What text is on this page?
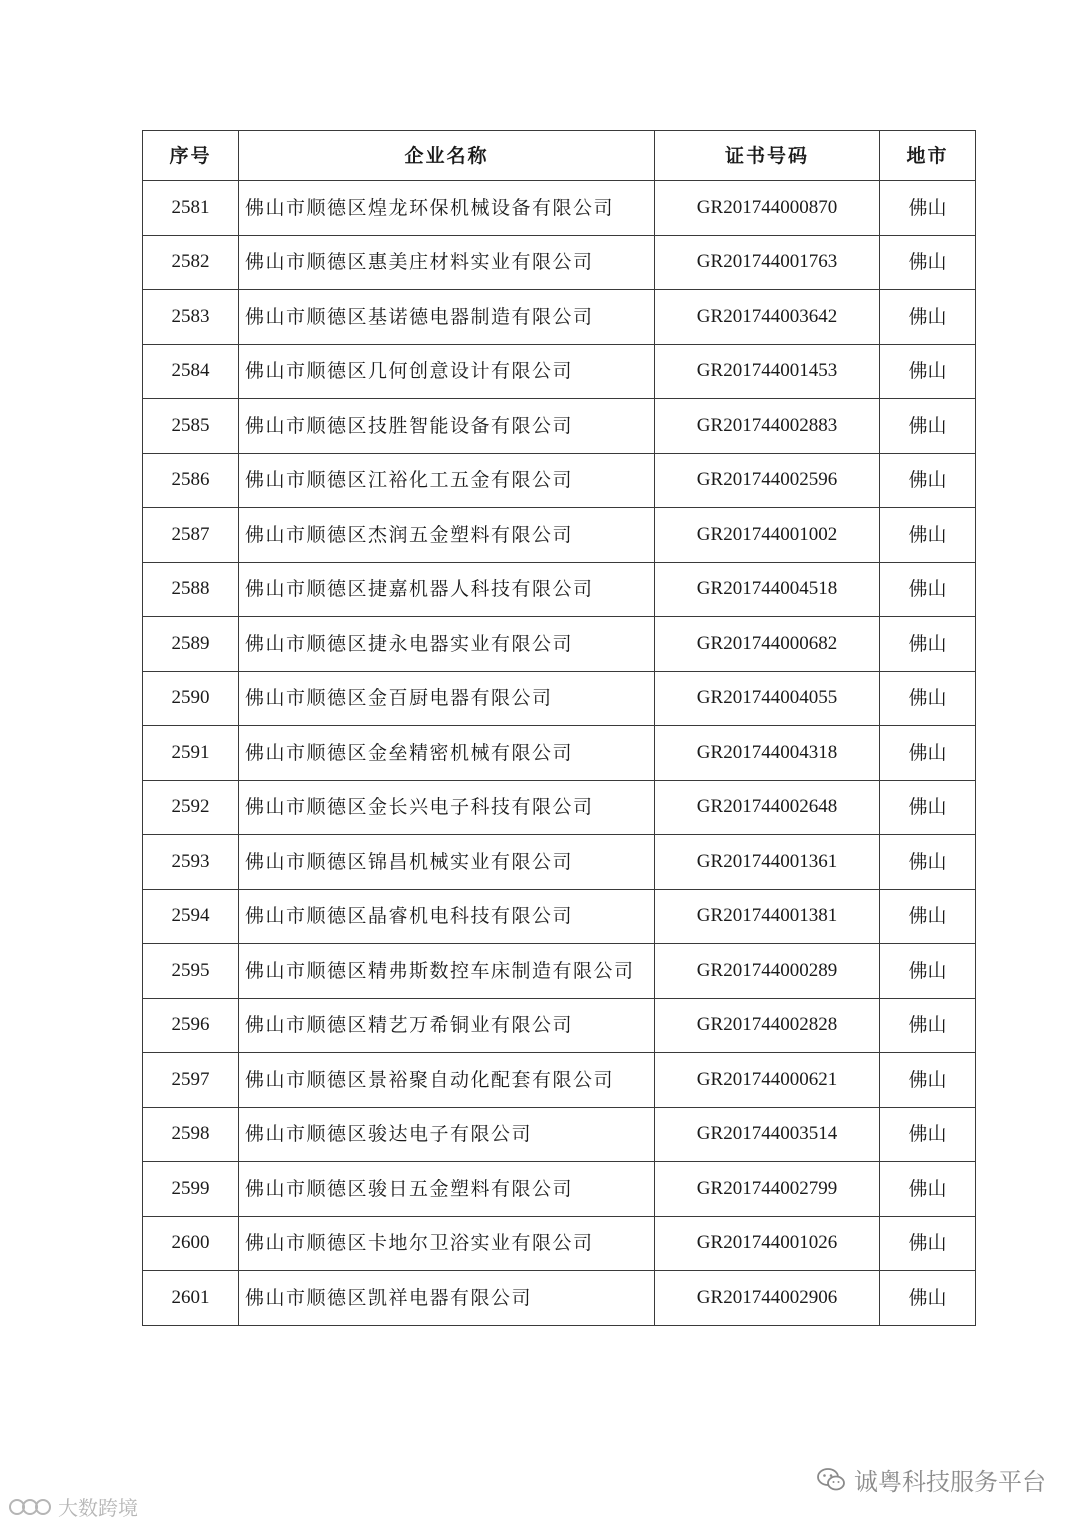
序号	企业名称	证书号码	地市
2581	佛山市顺德区煌龙环保机械设备有限公司	GR201744000870	佛山
2582	佛山市顺德区惠美庄材料实业有限公司	GR201744001763	佛山
2583	佛山市顺德区基诺德电器制造有限公司	GR201744003642	佛山
2584	佛山市顺德区几何创意设计有限公司	GR201744001453	佛山
2585	佛山市顺德区技胜智能设备有限公司	GR201744002883	佛山
2586	佛山市顺德区江裕化工五金有限公司	GR201744002596	佛山
2587	佛山市顺德区杰润五金塑料有限公司	GR201744001002	佛山
2588	佛山市顺德区捷嘉机器人科技有限公司	GR201744004518	佛山
2589	佛山市顺德区捷永电器实业有限公司	GR201744000682	佛山
2590	佛山市顺德区金百厨电器有限公司	GR201744004055	佛山
2591	佛山市顺德区金垒精密机械有限公司	GR201744004318	佛山
2592	佛山市顺德区金长兴电子科技有限公司	GR201744002648	佛山
2593	佛山市顺德区锦昌机械实业有限公司	GR201744001361	佛山
2594	佛山市顺德区晶睿机电科技有限公司	GR201744001381	佛山
2595	佛山市顺德区精弗斯数控车床制造有限公司	GR201744000289	佛山
2596	佛山市顺德区精艺万希铜业有限公司	GR201744002828	佛山
2597	佛山市顺德区景裕聚自动化配套有限公司	GR201744000621	佛山
2598	佛山市顺德区骏达电子有限公司	GR201744003514	佛山
2599	佛山市顺德区骏日五金塑料有限公司	GR201744002799	佛山
2600	佛山市顺德区卡地尔卫浴实业有限公司	GR201744001026	佛山
2601	佛山市顺德区凯祥电器有限公司	GR201744002906	佛山
诚粤科技服务平台
大数跨境
